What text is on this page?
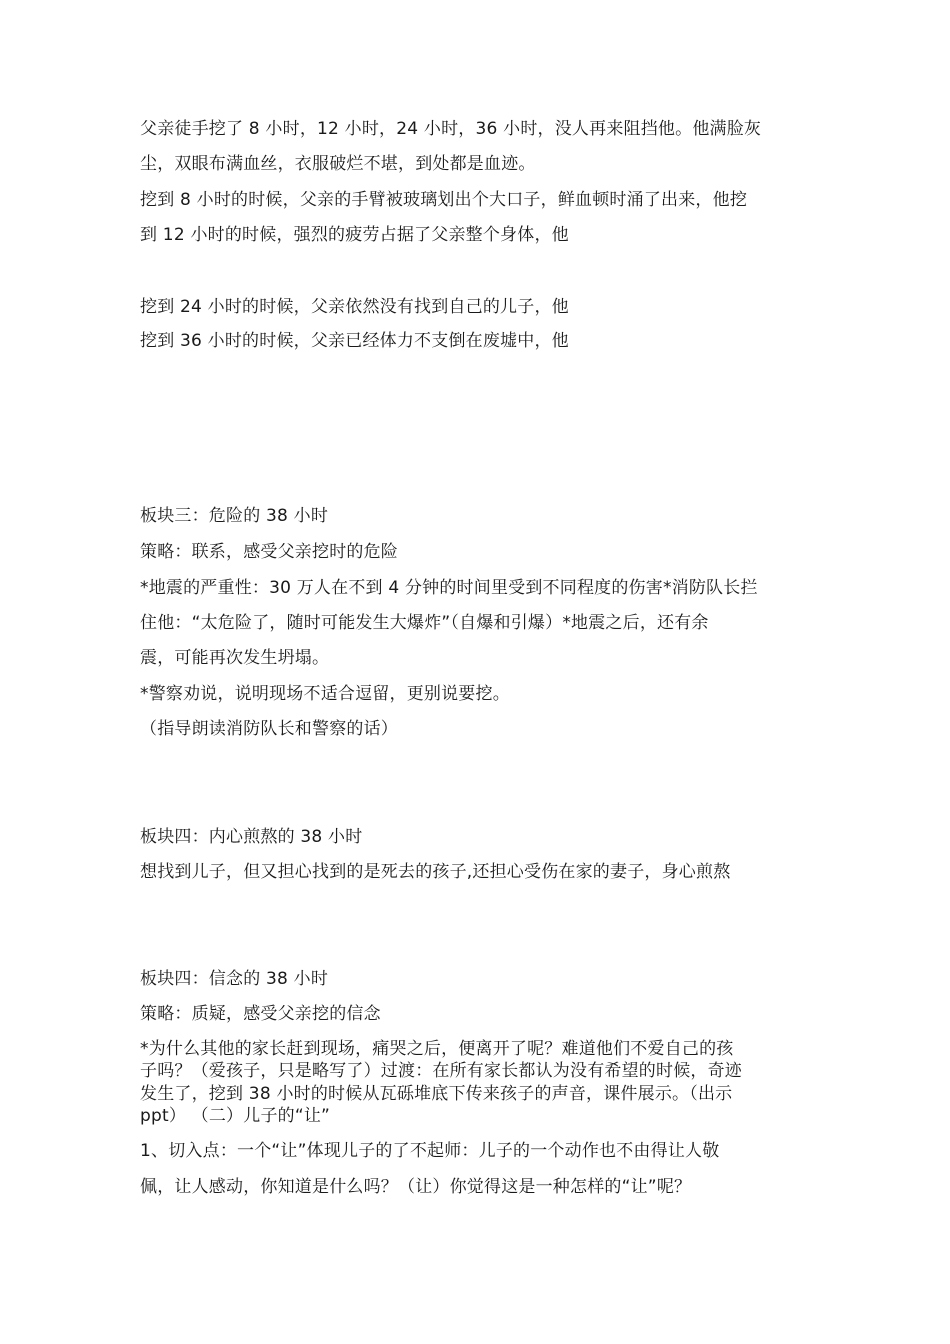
父亲徒手挖了 8 小时，12 小时，24 小时，36 小时，没人再来阻挡他。他满脸灰
尘，双眼布满血丝，衣服破烂不堪，到处都是血迹。
挖到 8 小时的时候，父亲的手臂被玻璃划出个大口子，鲜血顿时涌了出来，他挖
到 12 小时的时候，强烈的疲劳占据了父亲整个身体，他
挖到 24 小时的时候，父亲依然没有找到自己的儿子，他
挖到 36 小时的时候，父亲已经体力不支倒在废墟中，他
板块三：危险的 38 小时
策略：联系，感受父亲挖时的危险
*地震的严重性：30 万人在不到 4 分钟的时间里受到不同程度的伤害*消防队长拦
住他：“太危险了，随时可能发生大爆炸”（自爆和引爆）*地震之后，还有余
震，可能再次发生坍塌。
*警察劝说，说明现场不适合逗留，更别说要挖。
（指导朗读消防队长和警察的话）
板块四：内心煎熬的 38 小时
想找到儿子，但又担心找到的是死去的孩子,还担心受伤在家的妻子，身心煎熬
板块四：信念的 38 小时
策略：质疑，感受父亲挖的信念
*为什么其他的家长赶到现场，痛哭之后，便离开了呢？难道他们不爱自己的孩
子吗？（爱孩子，只是略写了）过渡：在所有家长都认为没有希望的时候，奇迹
发生了，挖到 38 小时的时候从瓦砾堆底下传来孩子的声音，课件展示。（出示
ppt） （二）儿子的“让”
1、切入点：一个“让”体现儿子的了不起师：儿子的一个动作也不由得让人敬
佩，让人感动，你知道是什么吗？（让）你觉得这是一种怎样的“让”呢？
